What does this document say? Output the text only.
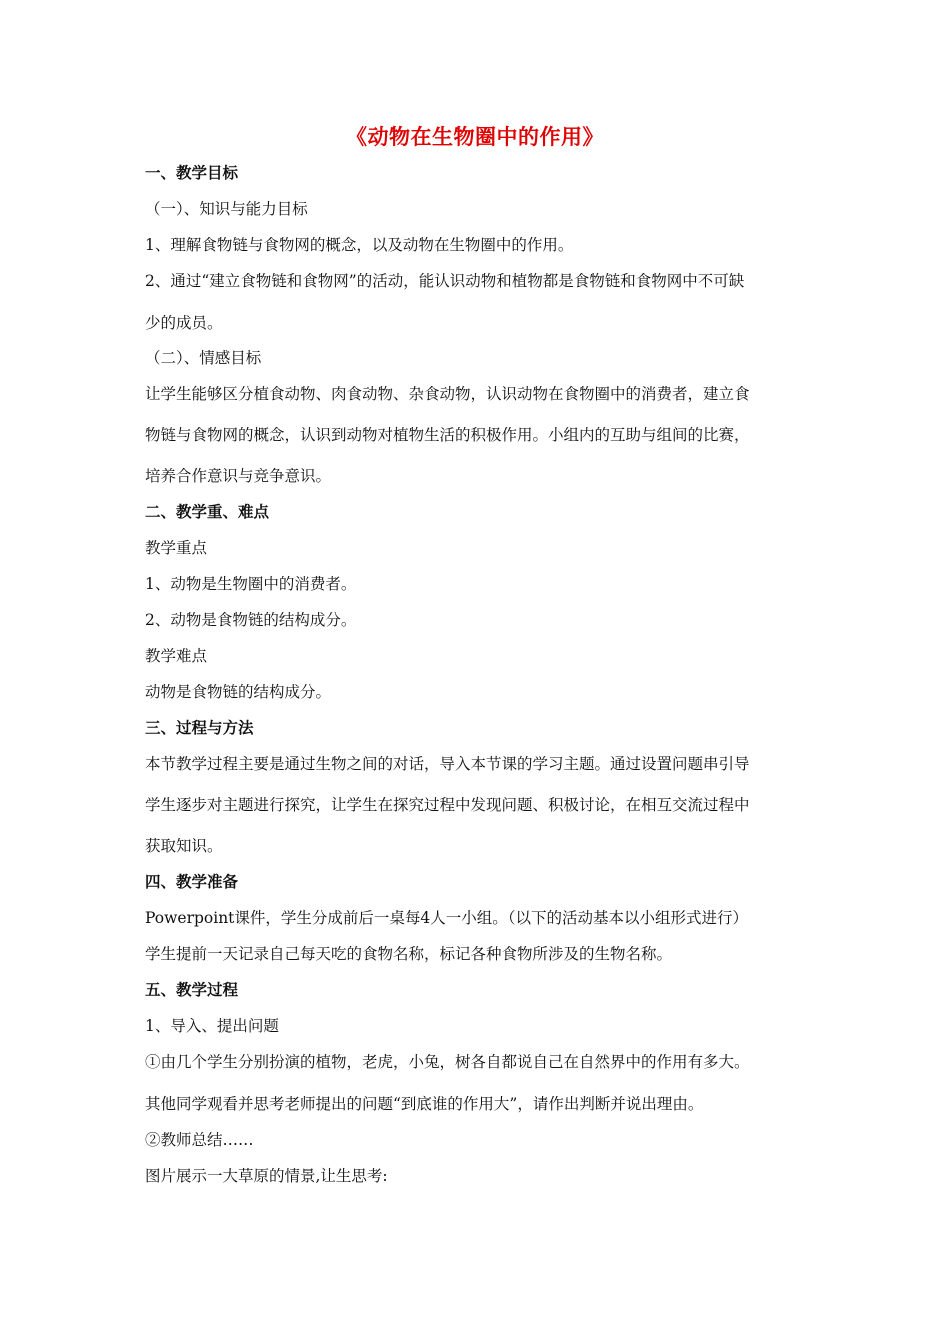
《动物在生物圈中的作用》
一、教学目标
（一）、知识与能力目标
1、理解食物链与食物网的概念，以及动物在生物圈中的作用。
2、通过“建立食物链和食物网”的活动，能认识动物和植物都是食物链和食物网中不可缺
少的成员。
（二）、情感目标
让学生能够区分植食动物、肉食动物、杂食动物，认识动物在食物圈中的消费者，建立食
物链与食物网的概念，认识到动物对植物生活的积极作用。小组内的互助与组间的比赛，
培养合作意识与竞争意识。
二、教学重、难点
教学重点
1、动物是生物圈中的消费者。
2、动物是食物链的结构成分。
教学难点
动物是食物链的结构成分。
三、过程与方法
本节教学过程主要是通过生物之间的对话，导入本节课的学习主题。通过设置问题串引导
学生逐步对主题进行探究，让学生在探究过程中发现问题、积极讨论，在相互交流过程中
获取知识。
四、教学准备
Powerpoint课件，学生分成前后一桌每4人一小组。（以下的活动基本以小组形式进行）
学生提前一天记录自己每天吃的食物名称，标记各种食物所涉及的生物名称。
五、教学过程
1、导入、提出问题
①由几个学生分别扮演的植物，老虎，小兔，树各自都说自己在自然界中的作用有多大。
其他同学观看并思考老师提出的问题“到底谁的作用大”，请作出判断并说出理由。
②教师总结……
图片展示一大草原的情景,让生思考:
